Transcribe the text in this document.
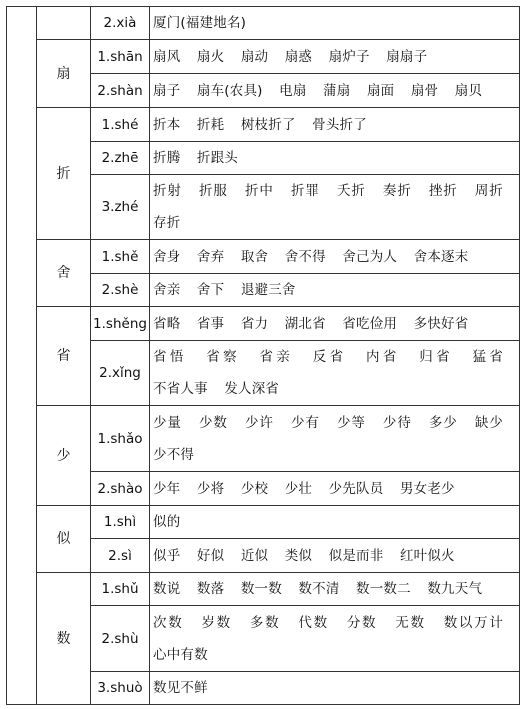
		2.xià	厦门(福建地名)
	扇	1.shān	扇风 扇火 扇动 扇惑 扇炉子 扇扇子
		2.shàn	扇子 扇车(农具) 电扇 蒲扇 扇面 扇骨 扇贝
	折	1.shé	折本 折耗 树枝折了 骨头折了
		2.zhē	折腾 折跟头
		3.zhé	折射 折服 折中 折罪 夭折 奏折 挫折 周折 存折
	舍	1.shě	舍身 舍弃 取舍 舍不得 舍己为人 舍本逐末
		2.shè	舍亲 舍下 退避三舍
	省	1.shěng	省略 省事 省力 湖北省 省吃俭用 多快好省
		2.xǐng	省悟 省察 省亲 反省 内省 归省 猛省 不省人事 发人深省
	少	1.shǎo	少量 少数 少许 少有 少等 少待 多少 缺少 少不得
		2.shào	少年 少将 少校 少壮 少先队员 男女老少
	似	1.shì	似的
		2.sì	似乎 好似 近似 类似 似是而非 红叶似火
	数	1.shǔ	数说 数落 数一数 数不清 数一数二 数九天气
		2.shù	次数 岁数 多数 代数 分数 无数 数以万计 心中有数
		3.shuò	数见不鲜
